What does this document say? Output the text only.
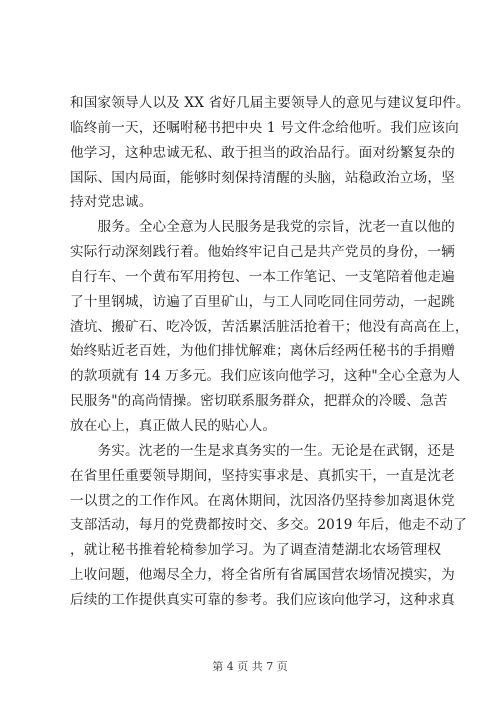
和国家领导人以及 XX 省好几届主要领导人的意见与建议复印件。
临终前一天，还嘱咐秘书把中央 1 号文件念给他听。我们应该向
他学习，这种忠诚无私、敢于担当的政治品行。面对纷繁复杂的
国际、国内局面，能够时刻保持清醒的头脑，站稳政治立场，坚
持对党忠诚。
　　服务。全心全意为人民服务是我党的宗旨，沈老一直以他的
实际行动深刻践行着。他始终牢记自己是共产党员的身份，一辆
自行车、一个黄布军用挎包、一本工作笔记、一支笔陪着他走遍
了十里钢城，访遍了百里矿山，与工人同吃同住同劳动，一起跳
渣坑、搬矿石、吃冷饭，苦活累活脏活抢着干；他没有高高在上，
始终贴近老百姓，为他们排忧解难；离休后经两任秘书的手捐赠
的款项就有 14 万多元。我们应该向他学习，这种"全心全意为人
民服务"的高尚情操。密切联系服务群众，把群众的冷暖、急苦
放在心上，真正做人民的贴心人。
　　务实。沈老的一生是求真务实的一生。无论是在武钢，还是
在省里任重要领导期间，坚持实事求是、真抓实干，一直是沈老
一以贯之的工作作风。在离休期间，沈因洛仍坚持参加离退休党
支部活动，每月的党费都按时交、多交。2019 年后，他走不动了
，就让秘书推着轮椅参加学习。为了调查清楚湖北农场管理权
上收问题，他竭尽全力，将全省所有省属国营农场情况摸实，为
后续的工作提供真实可靠的参考。我们应该向他学习，这种求真
第 4 页 共 7 页
